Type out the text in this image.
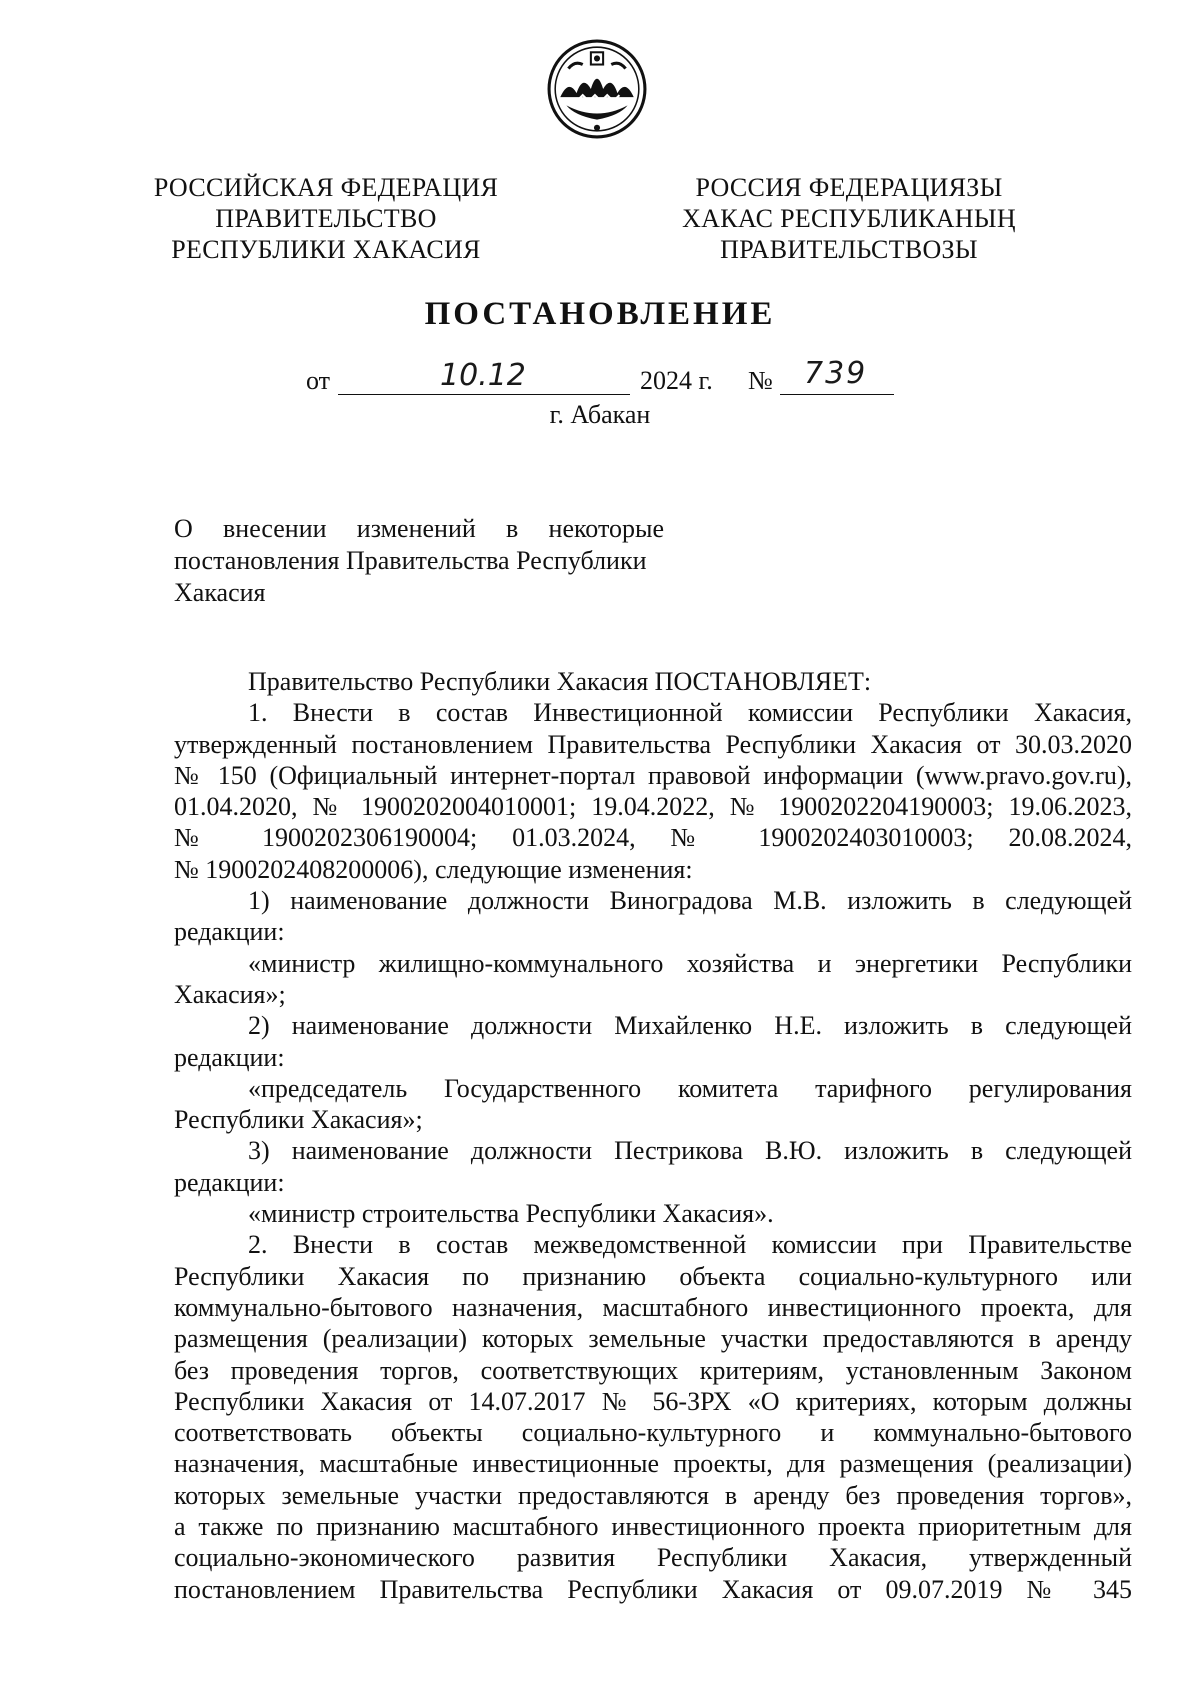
РОССИЙСКАЯ ФЕДЕРАЦИЯ
ПРАВИТЕЛЬСТВО
РЕСПУБЛИКИ ХАКАСИЯ
РОССИЯ ФЕДЕРАЦИЯЗЫ
ХАКАС РЕСПУБЛИКАНЫҢ
ПРАВИТЕЛЬСТВОЗЫ
ПОСТАНОВЛЕНИЕ
от	10.12	2024 г. № 739
г. Абакан
О внесении изменений в некоторые
постановления Правительства Республики
Хакасия
Правительство Республики Хакасия ПОСТАНОВЛЯЕТ:
1. Внести в состав Инвестиционной комиссии Республики Хакасия,
утвержденный постановлением Правительства Республики Хакасия от 30.03.2020
№ 150 (Официальный интернет-портал правовой информации (www.pravo.gov.ru),
01.04.2020, № 1900202004010001; 19.04.2022, № 1900202204190003; 19.06.2023,
№ 1900202306190004; 01.03.2024, № 1900202403010003; 20.08.2024,
№ 1900202408200006), следующие изменения:
1) наименование должности Виноградова М.В. изложить в следующей
редакции:
«министр жилищно-коммунального хозяйства и энергетики Республики
Хакасия»;
2) наименование должности Михайленко Н.Е. изложить в следующей
редакции:
«председатель Государственного комитета тарифного регулирования
Республики Хакасия»;
3) наименование должности Пестрикова В.Ю. изложить в следующей
редакции:
«министр строительства Республики Хакасия».
2. Внести в состав межведомственной комиссии при Правительстве
Республики Хакасия по признанию объекта социально-культурного или
коммунально-бытового назначения, масштабного инвестиционного проекта, для
размещения (реализации) которых земельные участки предоставляются в аренду
без проведения торгов, соответствующих критериям, установленным Законом
Республики Хакасия от 14.07.2017 № 56-ЗРХ «О критериях, которым должны
соответствовать объекты социально-культурного и коммунально-бытового
назначения, масштабные инвестиционные проекты, для размещения (реализации)
которых земельные участки предоставляются в аренду без проведения торгов»,
а также по признанию масштабного инвестиционного проекта приоритетным для
социально-экономического развития Республики Хакасия, утвержденный
постановлением Правительства Республики Хакасия от 09.07.2019 № 345
